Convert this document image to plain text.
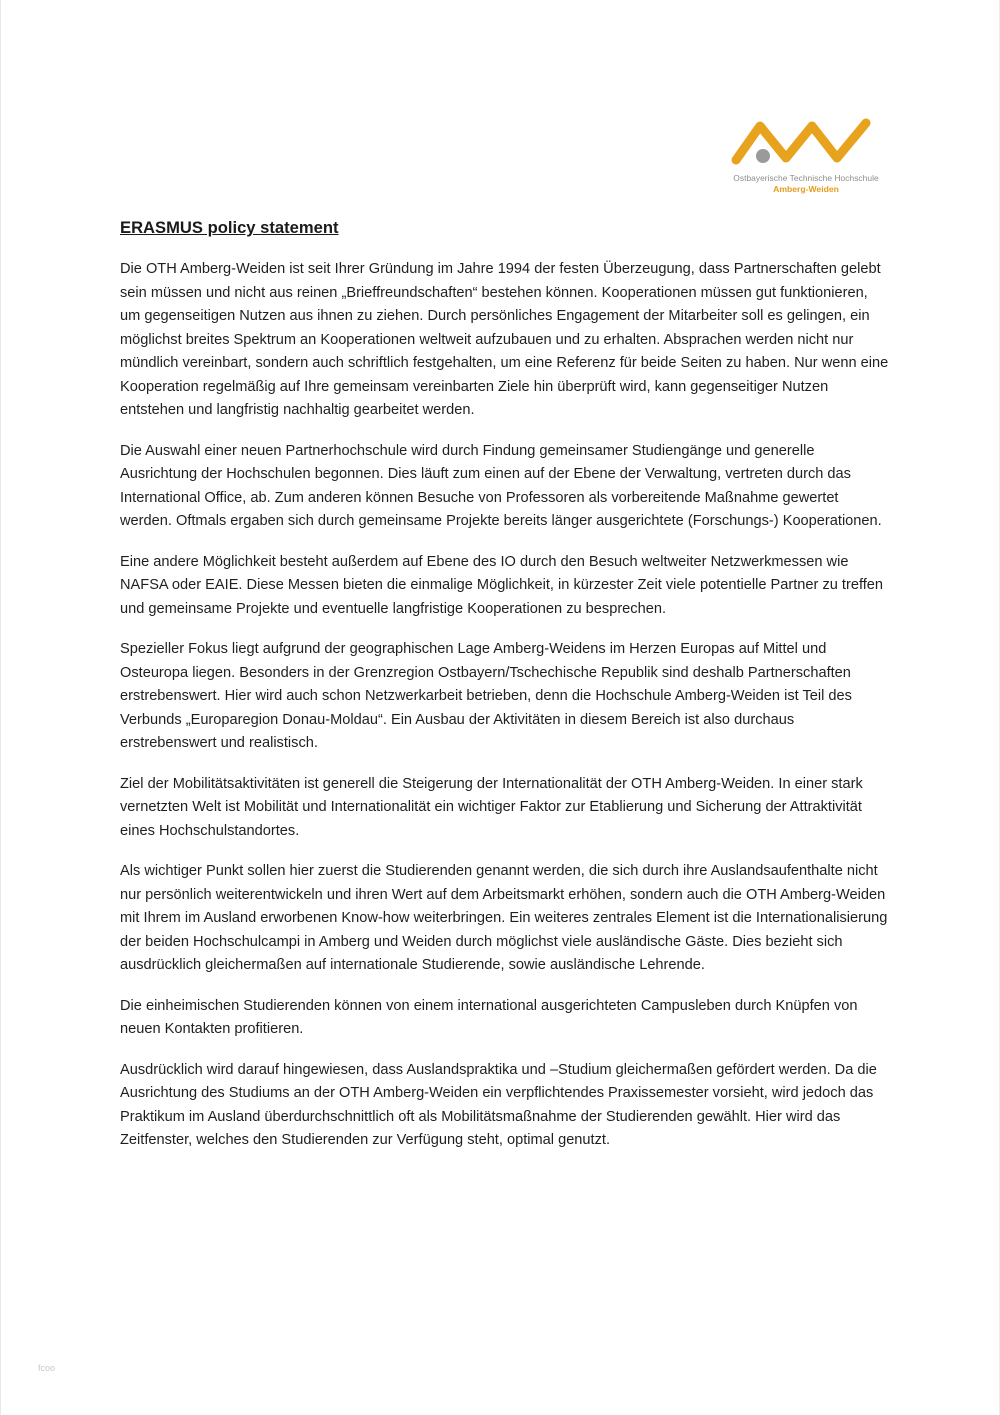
Ostbayerische Technische Hochschule
Amberg-Weiden
ERASMUS policy statement

Die OTH Amberg-Weiden ist seit Ihrer Gründung im Jahre 1994 der festen Überzeugung, dass Partnerschaften gelebt sein müssen und nicht aus reinen „Brieffreundschaften“ bestehen können. Kooperationen müssen gut funktionieren, um gegenseitigen Nutzen aus ihnen zu ziehen. Durch persönliches Engagement der Mitarbeiter soll es gelingen, ein möglichst breites Spektrum an Kooperationen weltweit aufzubauen und zu erhalten. Absprachen werden nicht nur mündlich vereinbart, sondern auch schriftlich festgehalten, um eine Referenz für beide Seiten zu haben. Nur wenn eine Kooperation regelmäßig auf Ihre gemeinsam vereinbarten Ziele hin überprüft wird, kann gegenseitiger Nutzen entstehen und langfristig nachhaltig gearbeitet werden.

Die Auswahl einer neuen Partnerhochschule wird durch Findung gemeinsamer Studiengänge und generelle Ausrichtung der Hochschulen begonnen. Dies läuft zum einen auf der Ebene der Verwaltung, vertreten durch das International Office, ab. Zum anderen können Besuche von Professoren als vorbereitende Maßnahme gewertet werden. Oftmals ergaben sich durch gemeinsame Projekte bereits länger ausgerichtete (Forschungs-) Kooperationen.

Eine andere Möglichkeit besteht außerdem auf Ebene des IO durch den Besuch weltweiter Netzwerkmessen wie NAFSA oder EAIE. Diese Messen bieten die einmalige Möglichkeit, in kürzester Zeit viele potentielle Partner zu treffen und gemeinsame Projekte und eventuelle langfristige Kooperationen zu besprechen.

Spezieller Fokus liegt aufgrund der geographischen Lage Amberg-Weidens im Herzen Europas auf Mittel und Osteuropa liegen. Besonders in der Grenzregion Ostbayern/Tschechische Republik sind deshalb Partnerschaften erstrebenswert. Hier wird auch schon Netzwerkarbeit betrieben, denn die Hochschule Amberg-Weiden ist Teil des Verbunds „Europaregion Donau-Moldau“. Ein Ausbau der Aktivitäten in diesem Bereich ist also durchaus erstrebenswert und realistisch.

Ziel der Mobilitätsaktivitäten ist generell die Steigerung der Internationalität der OTH Amberg-Weiden. In einer stark vernetzten Welt ist Mobilität und Internationalität ein wichtiger Faktor zur Etablierung und Sicherung der Attraktivität eines Hochschulstandortes.

Als wichtiger Punkt sollen hier zuerst die Studierenden genannt werden, die sich durch ihre Auslandsaufenthalte nicht nur persönlich weiterentwickeln und ihren Wert auf dem Arbeitsmarkt erhöhen, sondern auch die OTH Amberg-Weiden mit Ihrem im Ausland erworbenen Know-how weiterbringen. Ein weiteres zentrales Element ist die Internationalisierung der beiden Hochschulcampi in Amberg und Weiden durch möglichst viele ausländische Gäste. Dies bezieht sich ausdrücklich gleichermaßen auf internationale Studierende, sowie ausländische Lehrende.

Die einheimischen Studierenden können von einem international ausgerichteten Campusleben durch Knüpfen von neuen Kontakten profitieren.

Ausdrücklich wird darauf hingewiesen, dass Auslandspraktika und –Studium gleichermaßen gefördert werden. Da die Ausrichtung des Studiums an der OTH Amberg-Weiden ein verpflichtendes Praxissemester vorsieht, wird jedoch das Praktikum im Ausland überdurchschnittlich oft als Mobilitätsmaßnahme der Studierenden gewählt. Hier wird das Zeitfenster, welches den Studierenden zur Verfügung steht, optimal genutzt.

fcoo
